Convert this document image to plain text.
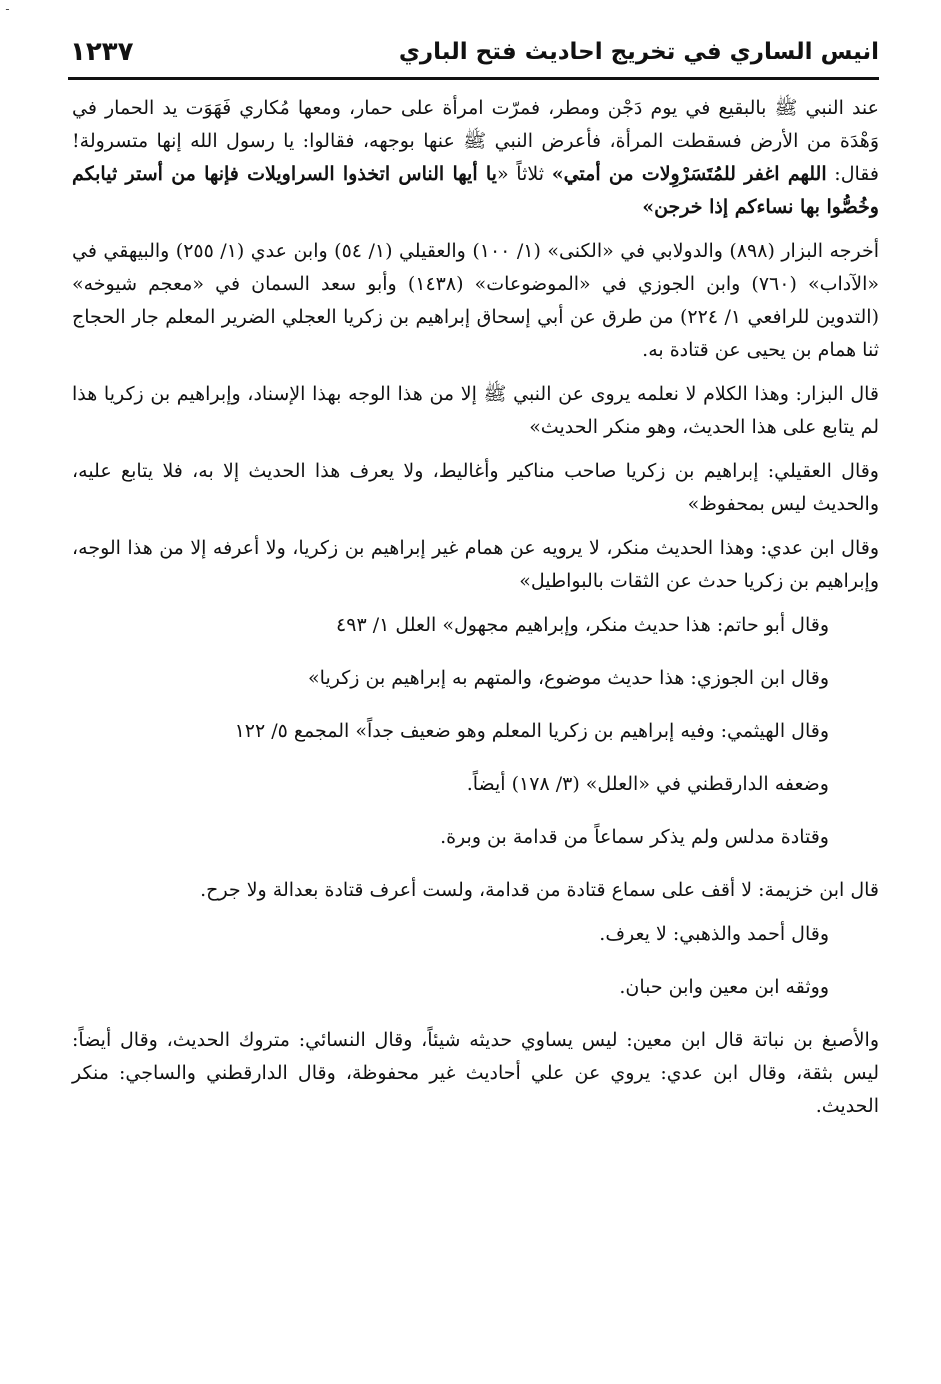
ـ
انيس الساري في تخريج احاديث فتح الباري
١٢٣٧

عند النبي ﷺ بالبقيع في يوم دَجْن ومطر، فمرّت امرأة على حمار، ومعها مُكاري فَهَوَت يد الحمار في وَهْدَة من الأرض فسقطت المرأة، فأعرض النبي ﷺ عنها بوجهه، فقالوا: يا رسول الله إنها متسرولة! فقال: اللهم اغفر للمُتَسَرْوِلات من أمتي» ثلاثاً «يا أيها الناس اتخذوا السراويلات فإنها من أستر ثيابكم وخُصُّوا بها نساءكم إذا خرجن»

أخرجه البزار (٨٩٨) والدولابي في «الكنى» (١/ ١٠٠) والعقيلي (١/ ٥٤) وابن عدي (١/ ٢٥٥) والبيهقي في «الآداب» (٧٦٠) وابن الجوزي في «الموضوعات» (١٤٣٨) وأبو سعد السمان في «معجم شيوخه» (التدوين للرافعي ١/ ٢٢٤) من طرق عن أبي إسحاق إبراهيم بن زكريا العجلي الضرير المعلم جار الحجاج ثنا همام بن يحيى عن قتادة به.

قال البزار: وهذا الكلام لا نعلمه يروى عن النبي ﷺ إلا من هذا الوجه بهذا الإسناد، وإبراهيم بن زكريا هذا لم يتابع على هذا الحديث، وهو منكر الحديث»

وقال العقيلي: إبراهيم بن زكريا صاحب مناكير وأغاليط، ولا يعرف هذا الحديث إلا به، فلا يتابع عليه، والحديث ليس بمحفوظ»

وقال ابن عدي: وهذا الحديث منكر، لا يرويه عن همام غير إبراهيم بن زكريا، ولا أعرفه إلا من هذا الوجه، وإبراهيم بن زكريا حدث عن الثقات بالبواطيل»

وقال أبو حاتم: هذا حديث منكر، وإبراهيم مجهول» العلل ١/ ٤٩٣

وقال ابن الجوزي: هذا حديث موضوع، والمتهم به إبراهيم بن زكريا»

وقال الهيثمي: وفيه إبراهيم بن زكريا المعلم وهو ضعيف جداً» المجمع ٥/ ١٢٢

وضعفه الدارقطني في «العلل» (٣/ ١٧٨) أيضاً.

وقتادة مدلس ولم يذكر سماعاً من قدامة بن وبرة.

قال ابن خزيمة: لا أقف على سماع قتادة من قدامة، ولست أعرف قتادة بعدالة ولا جرح.

وقال أحمد والذهبي: لا يعرف.

ووثقه ابن معين وابن حبان.

والأصبغ بن نباتة قال ابن معين: ليس يساوي حديثه شيئاً، وقال النسائي: متروك الحديث، وقال أيضاً: ليس بثقة، وقال ابن عدي: يروي عن علي أحاديث غير محفوظة، وقال الدارقطني والساجي: منكر الحديث.
